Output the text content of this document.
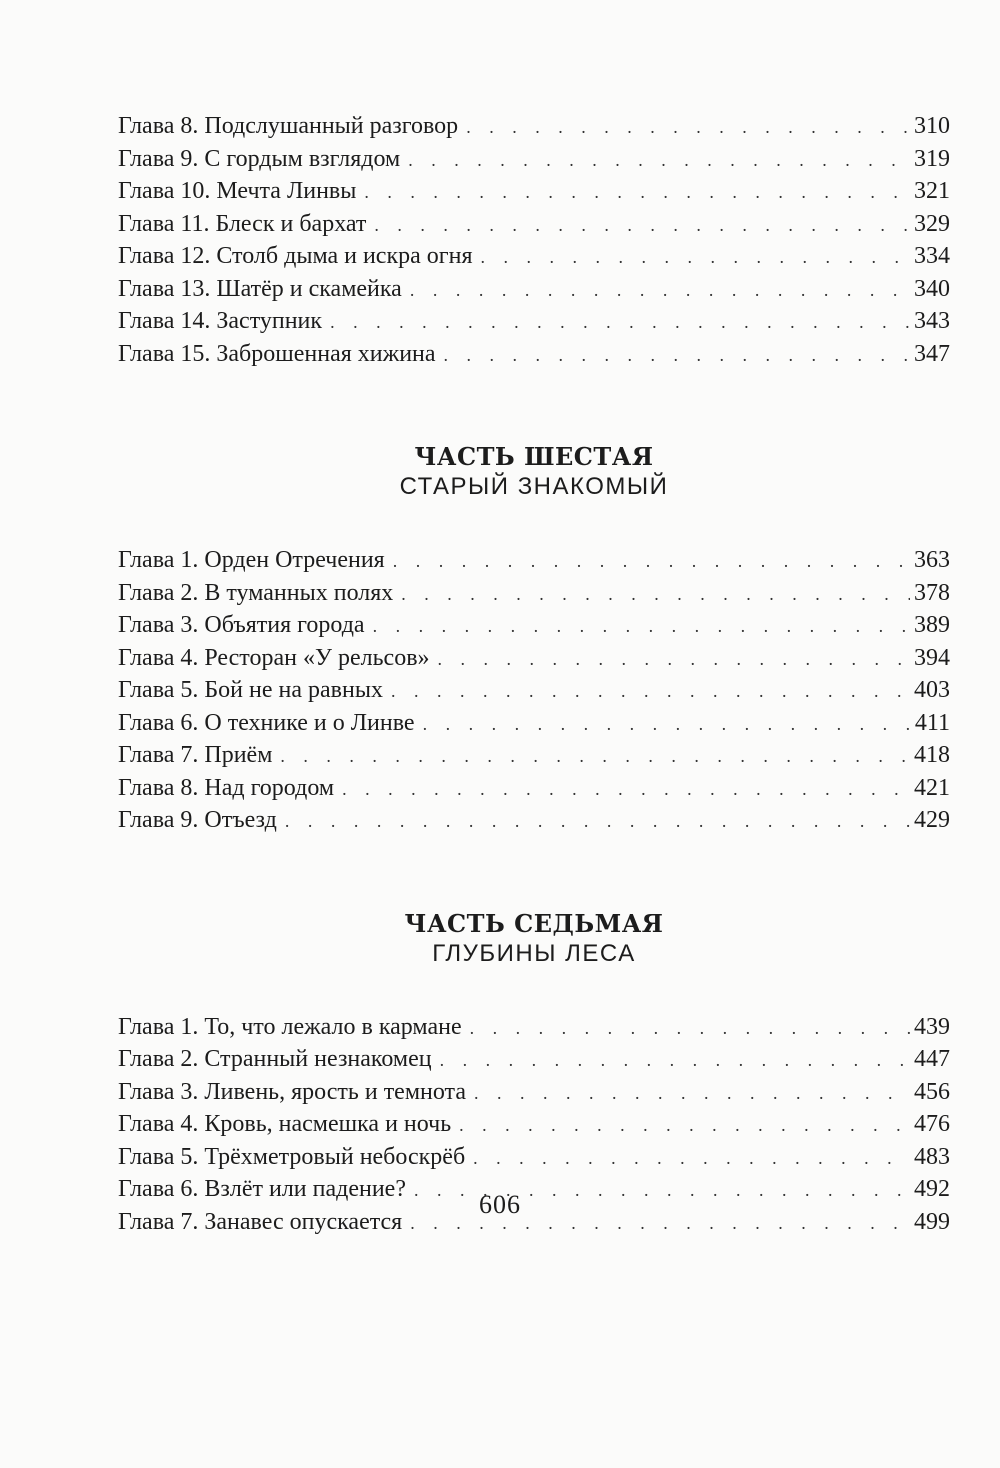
Глава 8. Подслушанный разговор . . .	310
Глава 9. С гордым взглядом . . .	319
Глава 10. Мечта Линвы . . .	321
Глава 11. Блеск и бархат . . .	329
Глава 12. Столб дыма и искра огня . . .	334
Глава 13. Шатёр и скамейка . . .	340
Глава 14. Заступник . . .	343
Глава 15. Заброшенная хижина . . .	347
ЧАСТЬ ШЕСТАЯ
СТАРЫЙ ЗНАКОМЫЙ
Глава 1. Орден Отречения . . .	363
Глава 2. В туманных полях . . .	378
Глава 3. Объятия города . . .	389
Глава 4. Ресторан «У рельсов» . . .	394
Глава 5. Бой не на равных . . .	403
Глава 6. О технике и о Линве . . .	411
Глава 7. Приём . . .	418
Глава 8. Над городом . . .	421
Глава 9. Отъезд . . .	429
ЧАСТЬ СЕДЬМАЯ
ГЛУБИНЫ ЛЕСА
Глава 1. То, что лежало в кармане . . .	439
Глава 2. Странный незнакомец . . .	447
Глава 3. Ливень, ярость и темнота . . .	456
Глава 4. Кровь, насмешка и ночь . . .	476
Глава 5. Трёхметровый небоскрёб . . .	483
Глава 6. Взлёт или падение? . . .	492
Глава 7. Занавес опускается . . .	499
606
